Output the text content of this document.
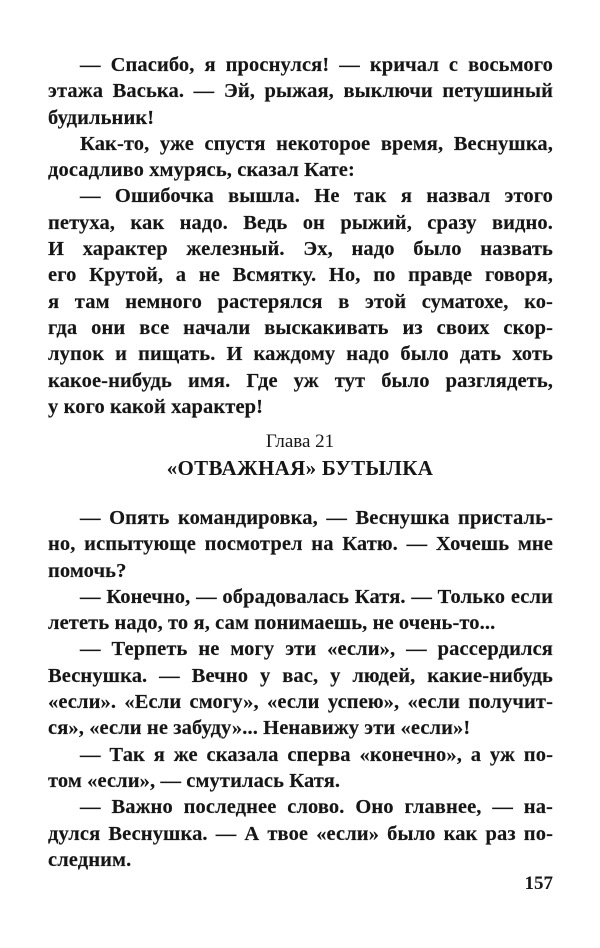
— Спасибо, я проснулся! — кричал с восьмого
этажа Васька. — Эй, рыжая, выключи петушиный
будильник!

Как-то, уже спустя некоторое время, Веснушка,
досадливо хмурясь, сказал Кате:

— Ошибочка вышла. Не так я назвал этого
петуха, как надо. Ведь он рыжий, сразу видно.
И характер железный. Эх, надо было назвать
его Крутой, а не Всмятку. Но, по правде говоря,
я там немного растерялся в этой суматохе, ко-
гда они все начали выскакивать из своих скор-
лупок и пищать. И каждому надо было дать хоть
какое-нибудь имя. Где уж тут было разглядеть,
у кого какой характер!

Глава 21
«ОТВАЖНАЯ» БУТЫЛКА

— Опять командировка, — Веснушка присталь-
но, испытующе посмотрел на Катю. — Хочешь мне
помочь?

— Конечно, — обрадовалась Катя. — Только если
лететь надо, то я, сам понимаешь, не очень-то...

— Терпеть не могу эти «если», — рассердился
Веснушка. — Вечно у вас, у людей, какие-нибудь
«если». «Если смогу», «если успею», «если получит-
ся», «если не забуду»... Ненавижу эти «если»!

— Так я же сказала сперва «конечно», а уж по-
том «если», — смутилась Катя.

— Важно последнее слово. Оно главнее, — на-
дулся Веснушка. — А твое «если» было как раз по-
следним.

157
